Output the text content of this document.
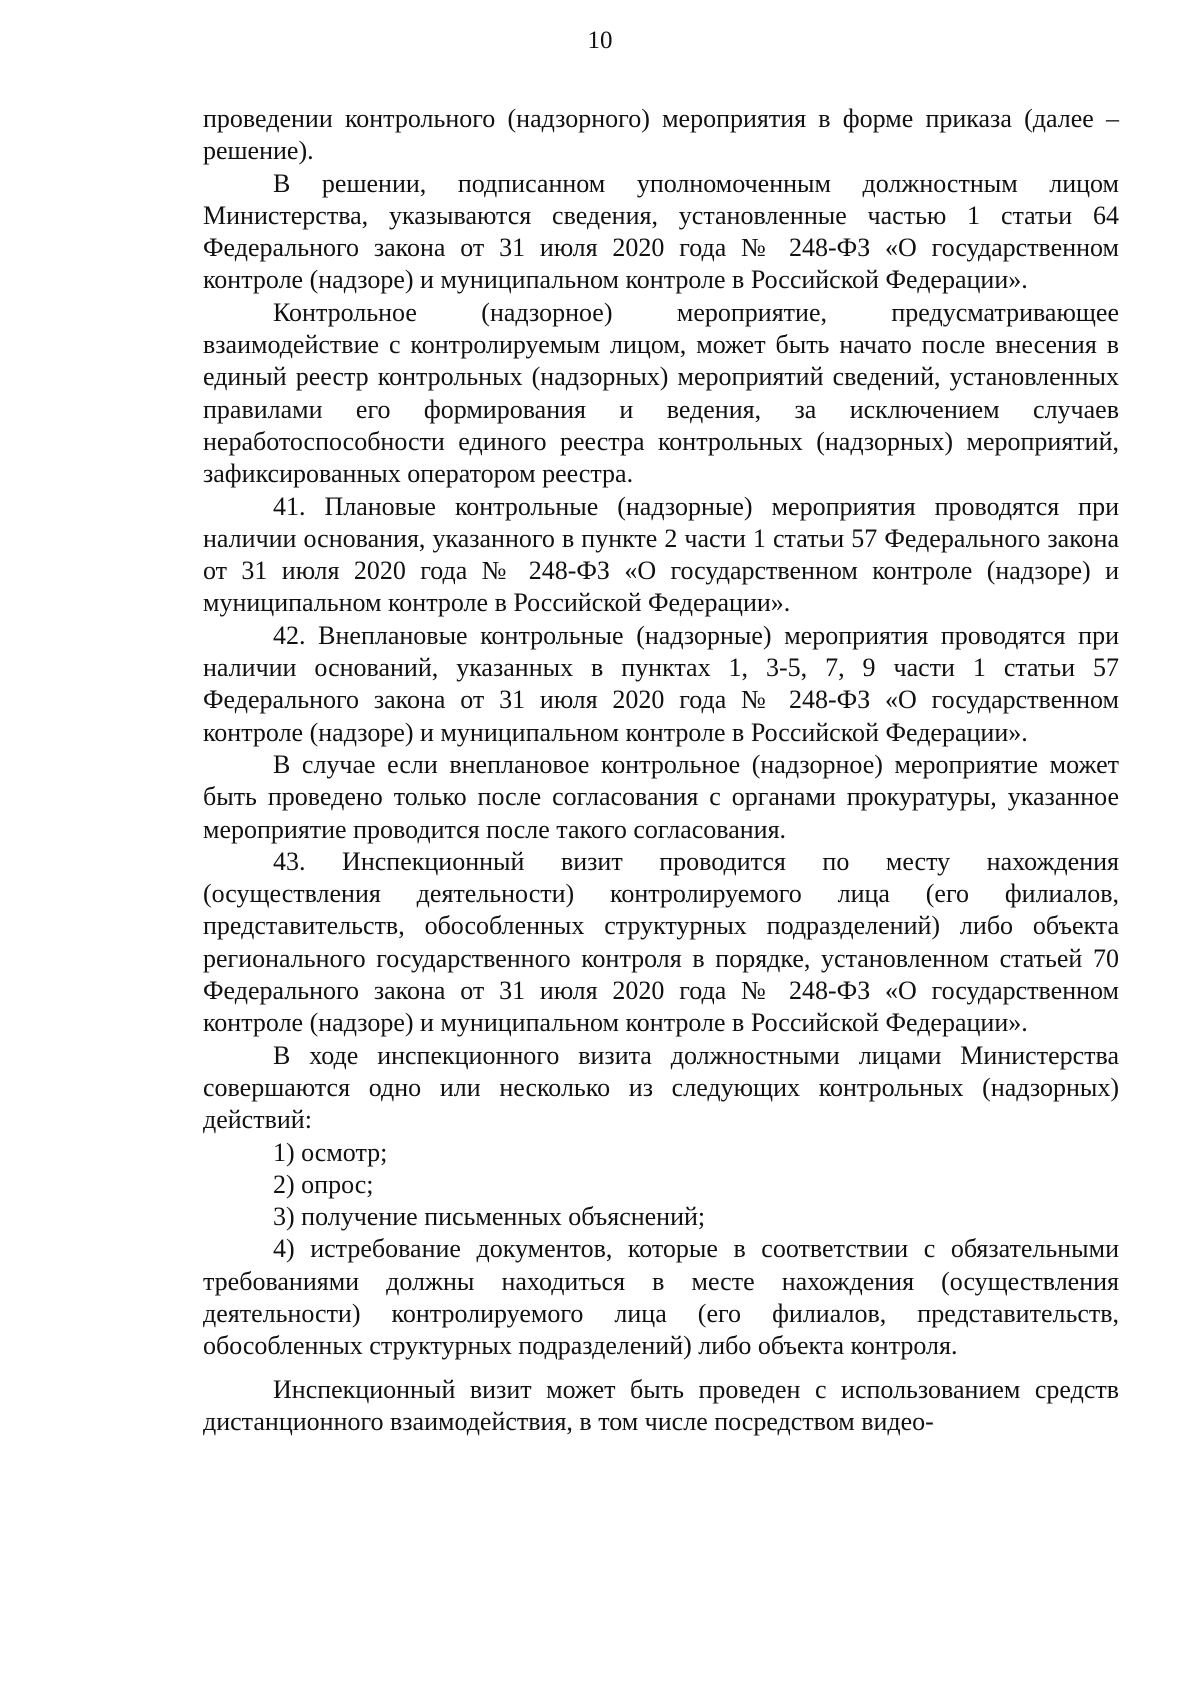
10

проведении контрольного (надзорного) мероприятия в форме приказа (далее – решение).

В решении, подписанном уполномоченным должностным лицом Министерства, указываются сведения, установленные частью 1 статьи 64 Федерального закона от 31 июля 2020 года № 248-ФЗ «О государственном контроле (надзоре) и муниципальном контроле в Российской Федерации».

Контрольное (надзорное) мероприятие, предусматривающее взаимодействие с контролируемым лицом, может быть начато после внесения в единый реестр контрольных (надзорных) мероприятий сведений, установленных правилами его формирования и ведения, за исключением случаев неработоспособности единого реестра контрольных (надзорных) мероприятий, зафиксированных оператором реестра.

41. Плановые контрольные (надзорные) мероприятия проводятся при наличии основания, указанного в пункте 2 части 1 статьи 57 Федерального закона от 31 июля 2020 года № 248-ФЗ «О государственном контроле (надзоре) и муниципальном контроле в Российской Федерации».

42. Внеплановые контрольные (надзорные) мероприятия проводятся при наличии оснований, указанных в пунктах 1, 3-5, 7, 9 части 1 статьи 57 Федерального закона от 31 июля 2020 года № 248-ФЗ «О государственном контроле (надзоре) и муниципальном контроле в Российской Федерации».

В случае если внеплановое контрольное (надзорное) мероприятие может быть проведено только после согласования с органами прокуратуры, указанное мероприятие проводится после такого согласования.

43. Инспекционный визит проводится по месту нахождения (осуществления деятельности) контролируемого лица (его филиалов, представительств, обособленных структурных подразделений) либо объекта регионального государственного контроля в порядке, установленном статьей 70 Федерального закона от 31 июля 2020 года № 248-ФЗ «О государственном контроле (надзоре) и муниципальном контроле в Российской Федерации».

В ходе инспекционного визита должностными лицами Министерства совершаются одно или несколько из следующих контрольных (надзорных) действий:

1) осмотр;

2) опрос;

3) получение письменных объяснений;

4) истребование документов, которые в соответствии с обязательными требованиями должны находиться в месте нахождения (осуществления деятельности) контролируемого лица (его филиалов, представительств, обособленных структурных подразделений) либо объекта контроля.

Инспекционный визит может быть проведен с использованием средств дистанционного взаимодействия, в том числе посредством видео-
